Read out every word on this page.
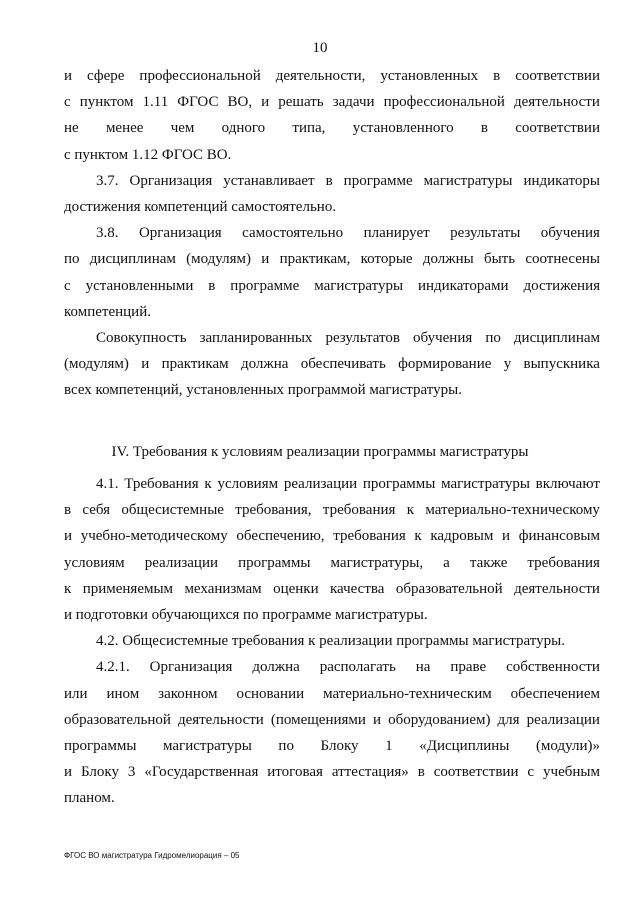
10
и сфере профессиональной деятельности, установленных в соответствии
с пунктом 1.11 ФГОС ВО, и решать задачи профессиональной деятельности
не менее чем одного типа, установленного в соответствии
с пунктом 1.12 ФГОС ВО.
3.7. Организация устанавливает в программе магистратуры индикаторы
достижения компетенций самостоятельно.
3.8. Организация самостоятельно планирует результаты обучения
по дисциплинам (модулям) и практикам, которые должны быть соотнесены
с установленными в программе магистратуры индикаторами достижения
компетенций.
Совокупность запланированных результатов обучения по дисциплинам
(модулям) и практикам должна обеспечивать формирование у выпускника
всех компетенций, установленных программой магистратуры.
IV. Требования к условиям реализации программы магистратуры
4.1. Требования к условиям реализации программы магистратуры включают
в себя общесистемные требования, требования к материально-техническому
и учебно-методическому обеспечению, требования к кадровым и финансовым
условиям реализации программы магистратуры, а также требования
к применяемым механизмам оценки качества образовательной деятельности
и подготовки обучающихся по программе магистратуры.
4.2. Общесистемные требования к реализации программы магистратуры.
4.2.1. Организация должна располагать на праве собственности
или ином законном основании материально-техническим обеспечением
образовательной деятельности (помещениями и оборудованием) для реализации
программы магистратуры по Блоку 1 «Дисциплины (модули)»
и Блоку 3 «Государственная итоговая аттестация» в соответствии с учебным
планом.
ФГОС ВО магистратура Гидромелиорация – 05
